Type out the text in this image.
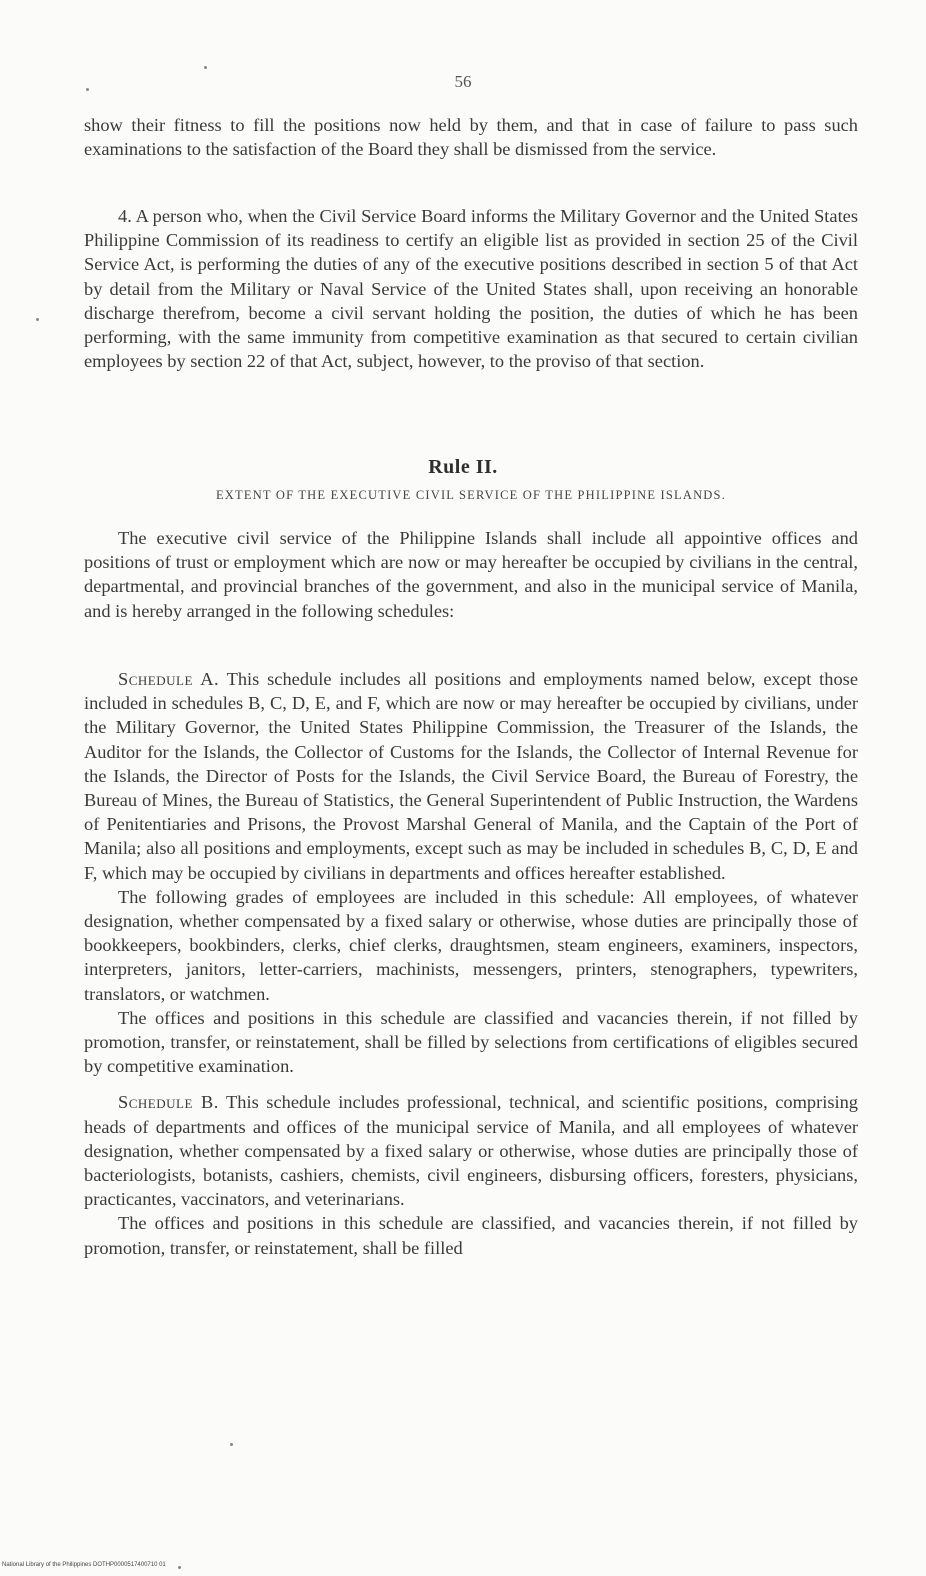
56

show their fitness to fill the positions now held by them, and that in case of failure to pass such examinations to the satisfaction of the Board they shall be dismissed from the service.

4. A person who, when the Civil Service Board informs the Military Governor and the United States Philippine Commission of its readiness to certify an eligible list as provided in section 25 of the Civil Service Act, is performing the duties of any of the executive positions described in section 5 of that Act by detail from the Military or Naval Service of the United States shall, upon receiving an honorable discharge therefrom, become a civil servant holding the position, the duties of which he has been performing, with the same immunity from competitive examination as that secured to certain civilian employees by section 22 of that Act, subject, however, to the proviso of that section.

Rule II.
EXTENT OF THE EXECUTIVE CIVIL SERVICE OF THE PHILIPPINE ISLANDS.

The executive civil service of the Philippine Islands shall include all appointive offices and positions of trust or employment which are now or may hereafter be occupied by civilians in the central, departmental, and provincial branches of the government, and also in the municipal service of Manila, and is hereby arranged in the following schedules:

Schedule A. This schedule includes all positions and employments named below, except those included in schedules B, C, D, E, and F, which are now or may hereafter be occupied by civilians, under the Military Governor, the United States Philippine Commission, the Treasurer of the Islands, the Auditor for the Islands, the Collector of Customs for the Islands, the Collector of Internal Revenue for the Islands, the Director of Posts for the Islands, the Civil Service Board, the Bureau of Forestry, the Bureau of Mines, the Bureau of Statistics, the General Superintendent of Public Instruction, the Wardens of Penitentiaries and Prisons, the Provost Marshal General of Manila, and the Captain of the Port of Manila; also all positions and employments, except such as may be included in schedules B, C, D, E and F, which may be occupied by civilians in departments and offices hereafter established.

The following grades of employees are included in this schedule: All employees, of whatever designation, whether compensated by a fixed salary or otherwise, whose duties are principally those of bookkeepers, bookbinders, clerks, chief clerks, draughtsmen, steam engineers, examiners, inspectors, interpreters, janitors, letter-carriers, machinists, messengers, printers, stenographers, typewriters, translators, or watchmen.

The offices and positions in this schedule are classified and vacancies therein, if not filled by promotion, transfer, or reinstatement, shall be filled by selections from certifications of eligibles secured by competitive examination.

Schedule B. This schedule includes professional, technical, and scientific positions, comprising heads of departments and offices of the municipal service of Manila, and all employees of whatever designation, whether compensated by a fixed salary or otherwise, whose duties are principally those of bacteriologists, botanists, cashiers, chemists, civil engineers, disbursing officers, foresters, physicians, practicantes, vaccinators, and veterinarians.

The offices and positions in this schedule are classified, and vacancies therein, if not filled by promotion, transfer, or reinstatement, shall be filled

National Library of the Philippines DOTHP0000517400710 01
